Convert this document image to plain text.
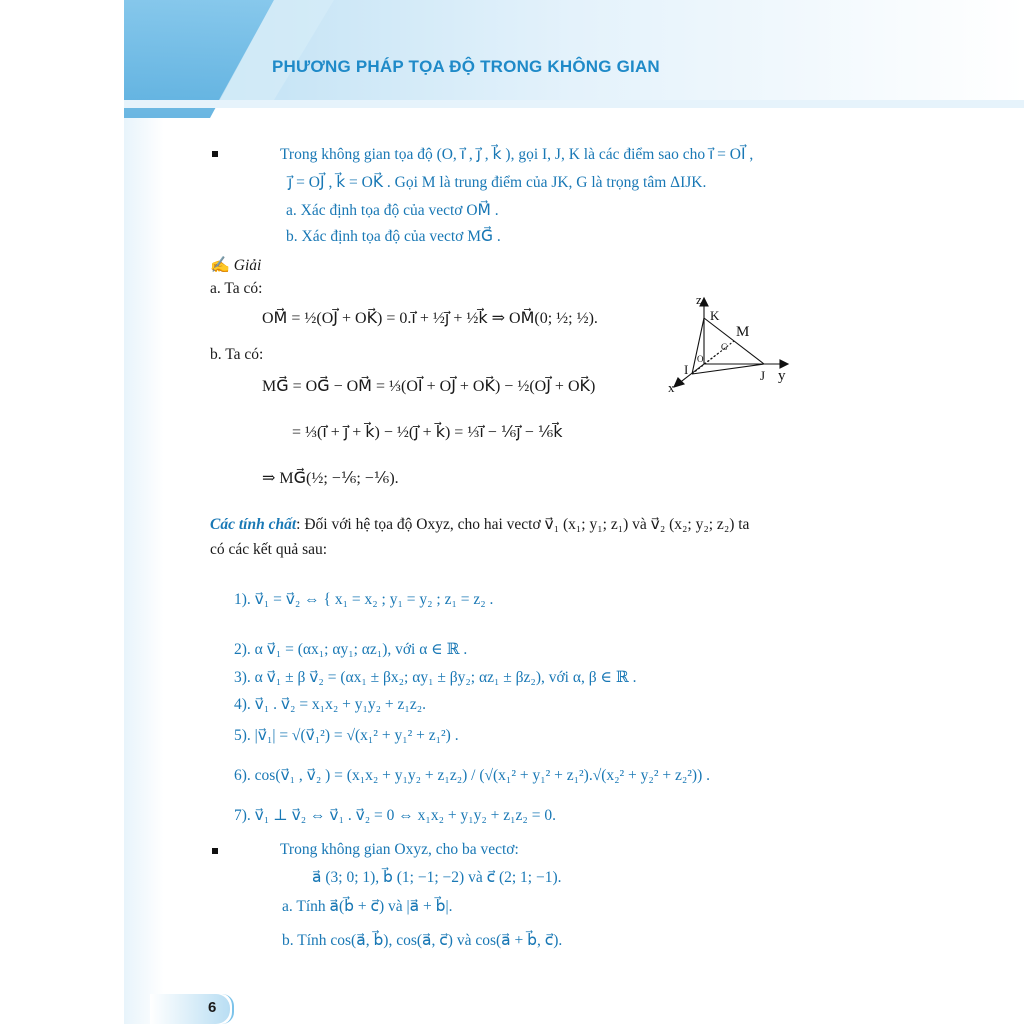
PHƯƠNG PHÁP TỌA ĐỘ TRONG KHÔNG GIAN
Trong không gian tọa độ (O, i⃗ , j⃗ , k⃗ ), gọi I, J, K là các điểm sao cho i⃗ = OI⃗ ,
j⃗ = OJ⃗ , k⃗ = OK⃗ . Gọi M là trung điểm của JK, G là trọng tâm ΔIJK.
a. Xác định tọa độ của vectơ OM⃗ .
b. Xác định tọa độ của vectơ MG⃗ .
✍ Giải
a. Ta có:
OM⃗ = ½(OJ⃗ + OK⃗) = 0.i⃗ + ½j⃗ + ½k⃗ ⇒ OM⃗(0; ½; ½).
b. Ta có:
MG⃗ = OG⃗ − OM⃗ = ⅓(OI⃗ + OJ⃗ + OK⃗) − ½(OJ⃗ + OK⃗)
= ⅓(i⃗ + j⃗ + k⃗) − ½(j⃗ + k⃗) = ⅓i⃗ − ⅙j⃗ − ⅙k⃗
⇒ MG⃗(½; −⅙; −⅙).
z
K
M
G
O
I	J y
x
Các tính chất: Đối với hệ tọa độ Oxyz, cho hai vectơ v⃗₁ (x₁; y₁; z₁) và v⃗₂ (x₂; y₂; z₂) ta
có các kết quả sau:
1). v⃗₁ = v⃗₂ ⇔ { x₁ = x₂ ; y₁ = y₂ ; z₁ = z₂ .
2). α v⃗₁ = (αx₁; αy₁; αz₁), với α ∈ ℝ .
3). α v⃗₁ ± β v⃗₂ = (αx₁ ± βx₂; αy₁ ± βy₂; αz₁ ± βz₂), với α, β ∈ ℝ .
4). v⃗₁ . v⃗₂ = x₁x₂ + y₁y₂ + z₁z₂.
5). |v⃗₁| = √(v⃗₁²) = √(x₁² + y₁² + z₁²) .
6). cos(v⃗₁ , v⃗₂ ) = (x₁x₂ + y₁y₂ + z₁z₂) / (√(x₁² + y₁² + z₁²).√(x₂² + y₂² + z₂²)) .
7). v⃗₁ ⊥ v⃗₂ ⇔ v⃗₁ . v⃗₂ = 0 ⇔ x₁x₂ + y₁y₂ + z₁z₂ = 0.
Trong không gian Oxyz, cho ba vectơ:
a⃗ (3; 0; 1), b⃗ (1; −1; −2) và c⃗ (2; 1; −1).
a. Tính a⃗(b⃗ + c⃗) và |a⃗ + b⃗|.
b. Tính cos(a⃗, b⃗), cos(a⃗, c⃗) và cos(a⃗ + b⃗, c⃗).
6
